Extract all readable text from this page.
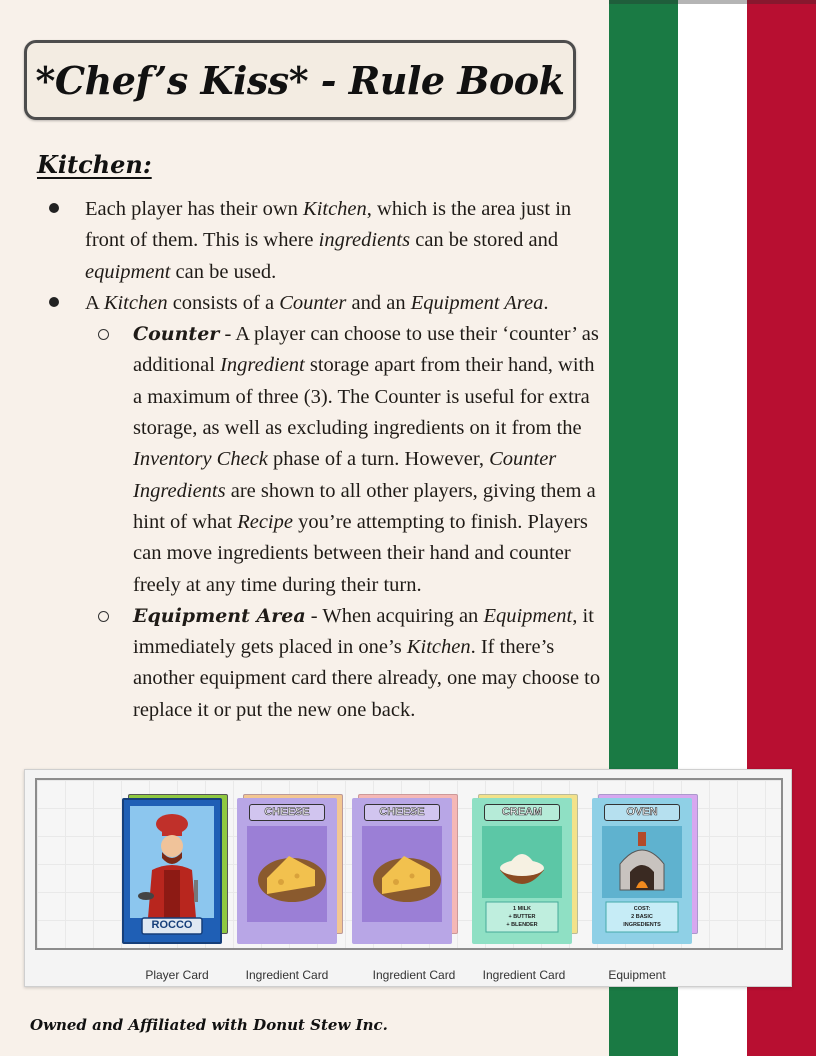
*Chef’s Kiss* - Rule Book
Kitchen:
Each player has their own Kitchen, which is the area just in front of them. This is where ingredients can be stored and equipment can be used.
A Kitchen consists of a Counter and an Equipment Area.
Counter - A player can choose to use their ‘counter’ as additional Ingredient storage apart from their hand, with a maximum of three (3). The Counter is useful for extra storage, as well as excluding ingredients on it from the Inventory Check phase of a turn. However, Counter Ingredients are shown to all other players, giving them a hint of what Recipe you’re attempting to finish. Players can move ingredients between their hand and counter freely at any time during their turn.
Equipment Area - When acquiring an Equipment, it immediately gets placed in one’s Kitchen. If there’s another equipment card there already, one may choose to replace it or put the new one back.
ROCCO
CHEESE	CHEESE	CREAM
1 MILK
+ BUTTER
+ BLENDER
OVEN
COST:
2 BASIC
INGREDIENTS
Player Card	Ingredient Card	Ingredient Card	Ingredient Card	Equipment
Owned and Affiliated with Donut Stew Inc.
